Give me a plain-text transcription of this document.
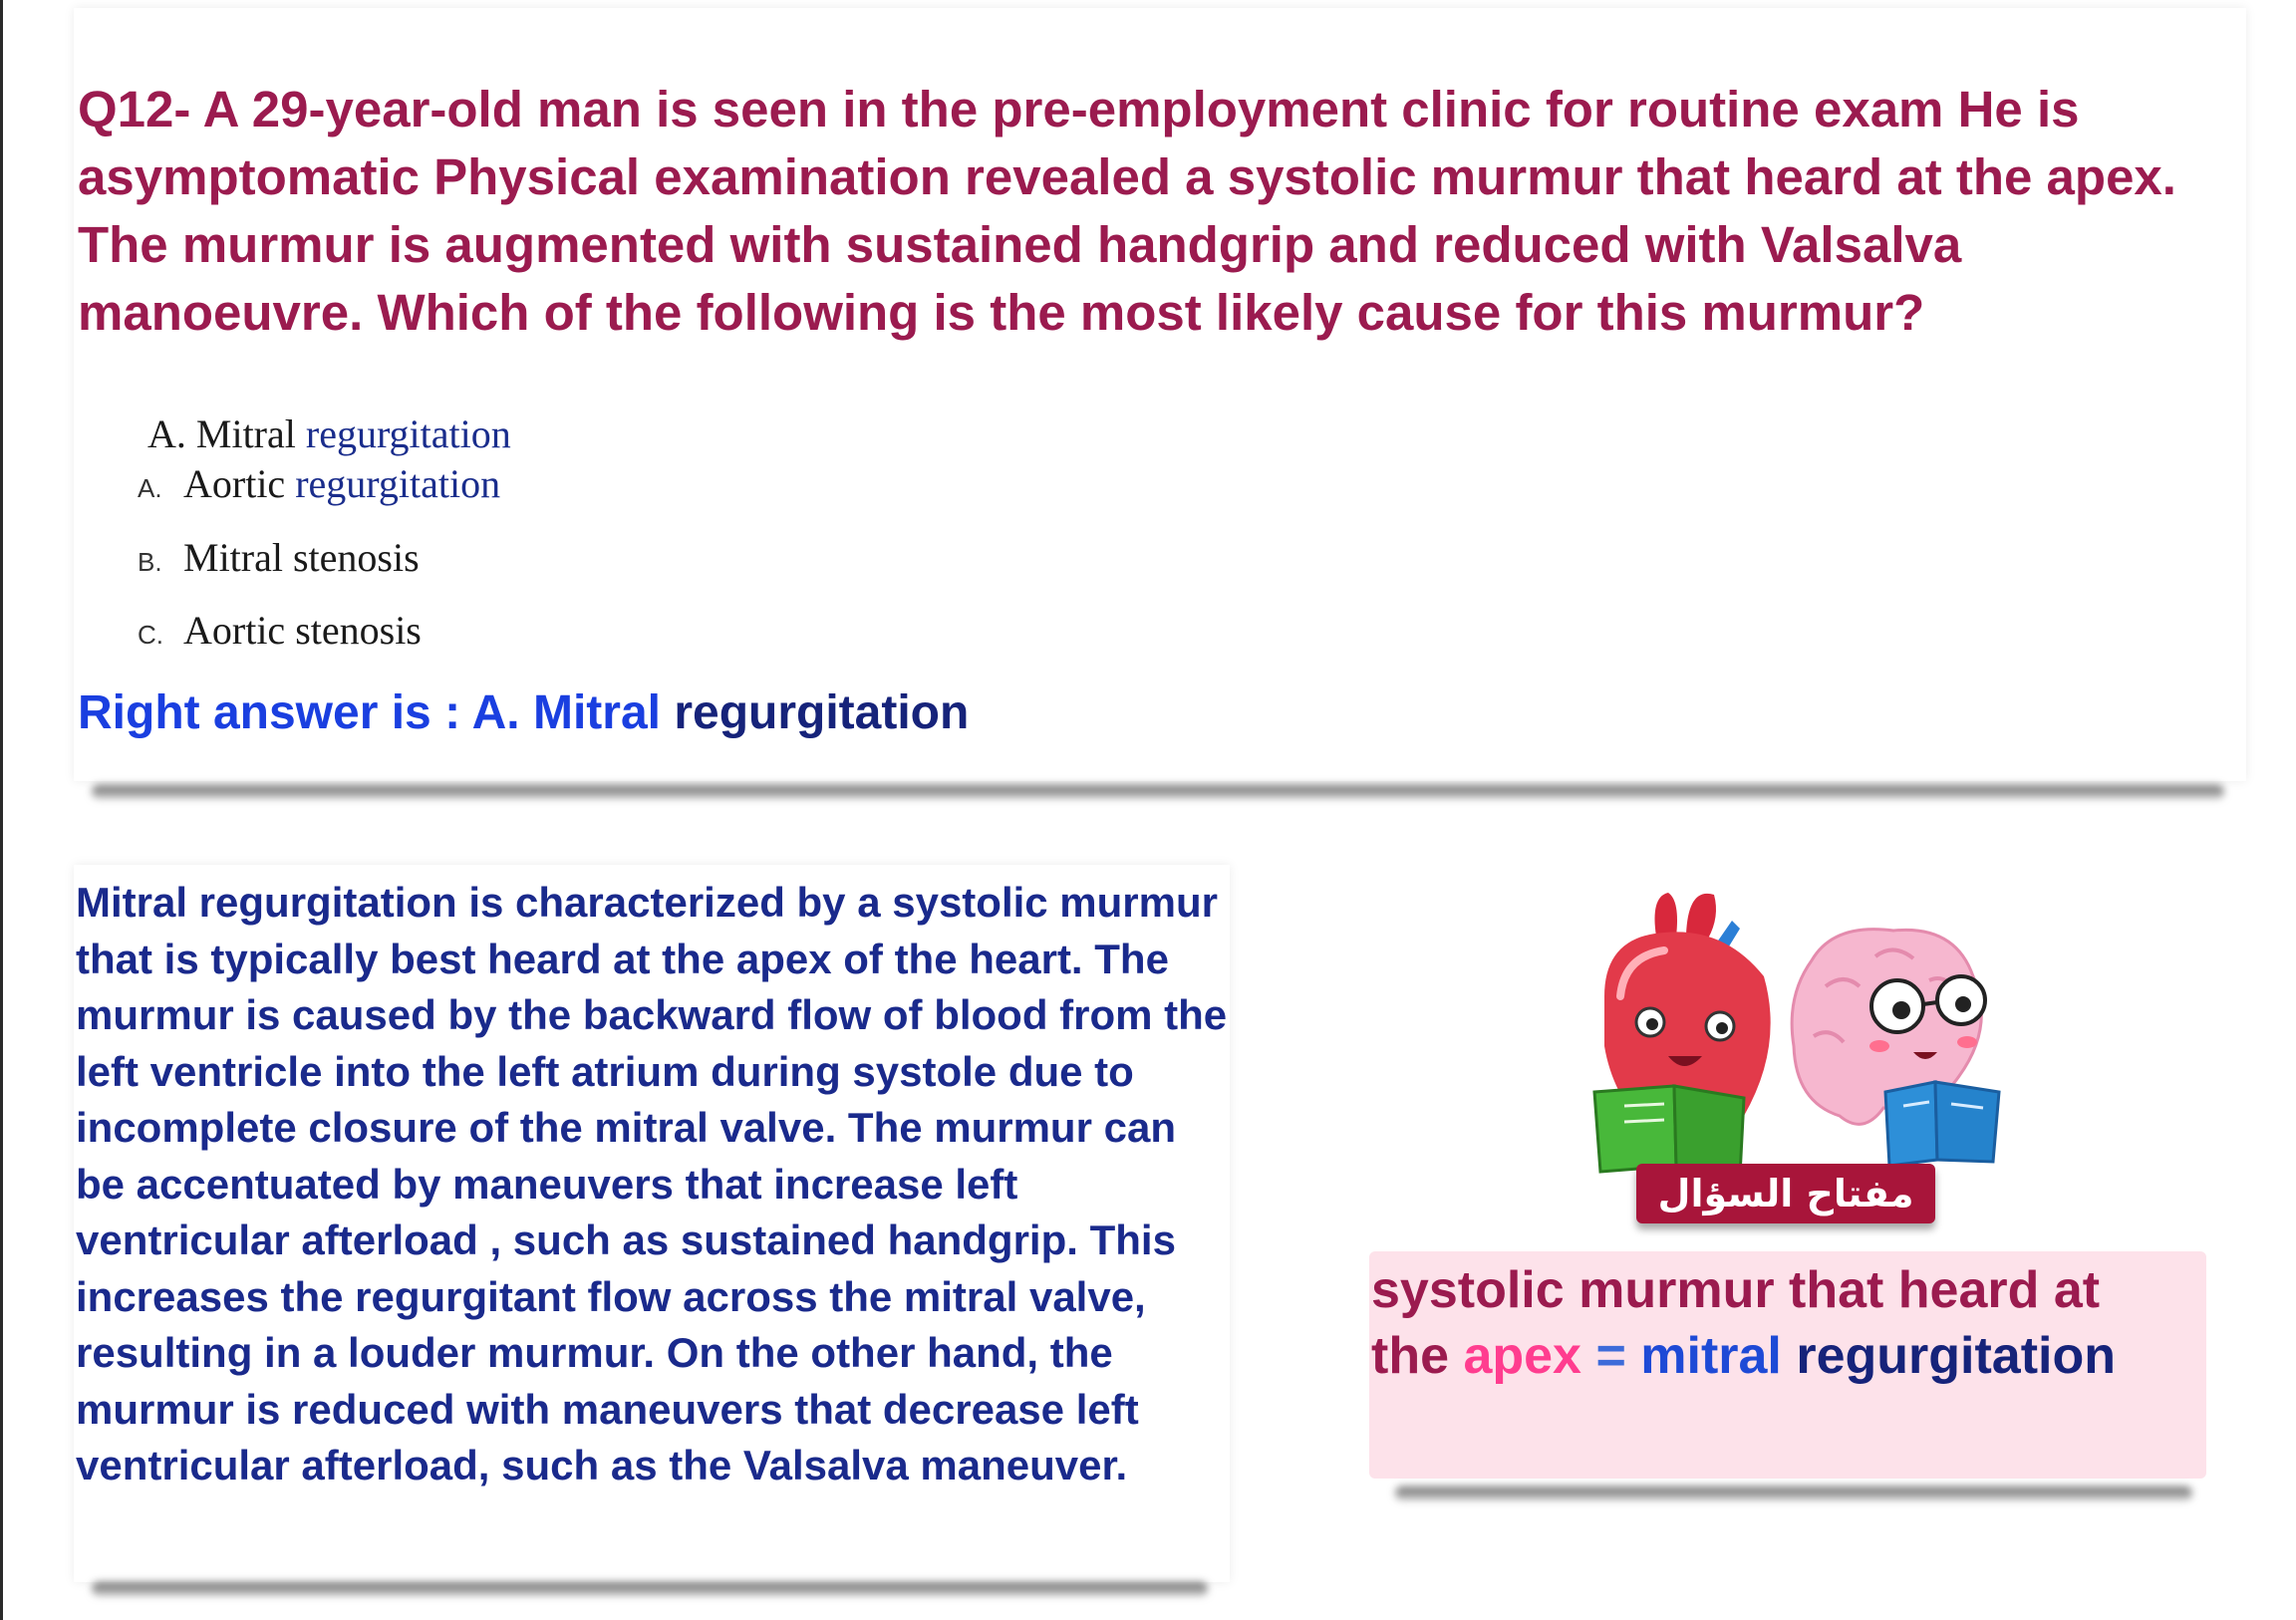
Q12- A 29-year-old man is seen in the pre-employment clinic for routine exam He is asymptomatic Physical examination revealed a systolic murmur that heard at the apex. The murmur is augmented with sustained handgrip and reduced with Valsalva manoeuvre. Which of the following is the most likely cause for this murmur?

A. Mitral regurgitation
A. Aortic regurgitation
B. Mitral stenosis
C. Aortic stenosis
Right answer is : A. Mitral regurgitation

Mitral regurgitation is characterized by a systolic murmur that is typically best heard at the apex of the heart. The murmur is caused by the backward flow of blood from the left ventricle into the left atrium during systole due to incomplete closure of the mitral valve. The murmur can be accentuated by maneuvers that increase left ventricular afterload , such as sustained handgrip. This increases the regurgitant flow across the mitral valve, resulting in a louder murmur. On the other hand, the murmur is reduced with maneuvers that decrease left ventricular afterload, such as the Valsalva maneuver.

مفتاح السؤال

systolic murmur that heard at
the apex = mitral regurgitation
